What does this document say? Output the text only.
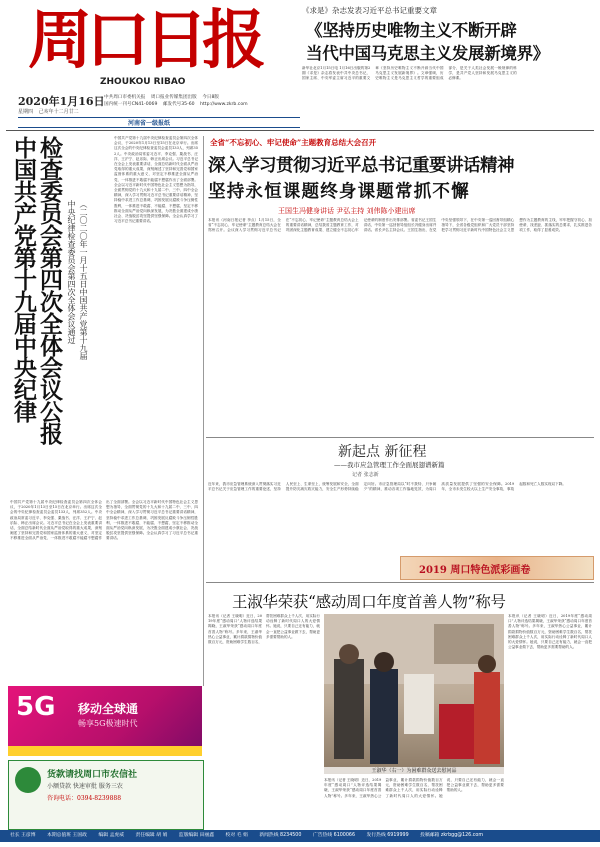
周口日报
ZHOUKOU RIBAO
2020年1月16日
星期四 己亥年十二月廿二
中共周口市委机关报 周口报业传媒集团出版 今日8版
国内统一刊号CN41-0069 邮发代号35-60 http://www.zkrb.com
河南省一级报纸
《求是》杂志发表习近平总书记重要文章
《坚持历史唯物主义不断开辟
当代中国马克思主义发展新境界》
新华社北京1月15日电 1月16日出版的第2期《求是》杂志将发表中共中央总书记、国家主席、中央军委主席习近平的重要文章《坚持历史唯物主义不断开辟当代中国马克思主义发展新境界》。文章强调，历史唯物主义是马克思主义哲学的重要组成部分，是关于人类社会发展一般规律的科学，是共产党人坚持和发展马克思主义的必修课。
中国共产党第十九届中央纪律 检查委员会第四次全体会议公报 中央纪律检查委员会第四次全体会议通过 （二〇二〇年一月十五日中国共产党第十九届
中国共产党第十九届中央纪律检查委员会第四次全体会议，于2020年1月13日至15日在北京举行。出席这次全会的中央纪律检查委员会委员133人，列席352人。中央政治局常委习近平、李克强、栗战书、汪洋、王沪宁、赵乐际、韩正出席会议。习近平总书记在全会上发表重要讲话，全面总结新时代全面从严治党取得的重大成果，深刻阐述了坚持和完善党和国家监督体系的重大意义，对坚定不移推进全面从严治党、一体推进不敢腐不能腐不想腐作出了全面部署。全会以习近平新时代中国特色社会主义思想为指导，全面贯彻党的十九大和十九届二中、三中、四中全会精神，深入学习贯彻习近平总书记重要讲话精神，坚持稳中求进工作总基调，巩固发展反腐败斗争压倒性胜利，一体推进不敢腐、不能腐、不想腐，坚定不移推动全面从严治党向纵深发展，为决胜全面建成小康社会、决战脱贫攻坚提供坚强保障。全会认真学习了习近平总书记重要讲话。
中国共产党第十九届中央纪律检查委员会第四次全体会议，于2020年1月13日至15日在北京举行。出席这次全会的中央纪律检查委员会委员133人，列席352人。中央政治局常委习近平、李克强、栗战书、汪洋、王沪宁、赵乐际、韩正出席会议。习近平总书记在全会上发表重要讲话，全面总结新时代全面从严治党取得的重大成果，深刻阐述了坚持和完善党和国家监督体系的重大意义，对坚定不移推进全面从严治党、一体推进不敢腐不能腐不想腐作出了全面部署。全会以习近平新时代中国特色社会主义思想为指导，全面贯彻党的十九大和十九届二中、三中、四中全会精神，深入学习贯彻习近平总书记重要讲话精神，坚持稳中求进工作总基调，巩固发展反腐败斗争压倒性胜利，一体推进不敢腐、不能腐、不想腐，坚定不移推动全面从严治党向纵深发展，为决胜全面建成小康社会、决战脱贫攻坚提供坚强保障。全会认真学习了习近平总书记重要讲话。
全省“不忘初心、牢记使命”主题教育总结大会召开
深入学习贯彻习近平总书记重要讲话精神
坚持永恒课题终身课题常抓不懈
王国生冯健身讲话 尹弘主持 刘伟陈小建出席
本报讯（河南日报记者 李点）1月15日，全省“不忘初心、牢记使命”主题教育总结大会在郑州召开。会议深入学习贯彻习近平总书记在“不忘初心、牢记使命”主题教育总结大会上的重要讲话精神，总结我省主题教育工作，对巩固深化主题教育成果、建立健全不忘初心牢记使命的制度作出安排部署。省委书记王国生讲话，中央第一巡回督导组组长冯健身出席并讲话。省长尹弘主持会议。王国生指出，在党中央坚强领导下，在中央第一巡回督导组精心指导下，全省各级党组织和广大党员干部坚持把学习贯彻习近平新时代中国特色社会主义思想作为主题教育的主线，牢牢把握守初心、担使命，找差距、抓落实的总要求，扎实推进各项工作，取得了显著成效。
新起点 新征程
——我市应急管理工作全面展翅谱新篇
记者 张志新
近年来，我市应急管理系统深入贯彻落实习近平总书记关于应急管理工作的重要论述，坚持人民至上、生命至上，统筹发展和安全，全面提升防灾减灾救灾能力，安全生产形势持续稳定向好。市应急管理局以“时不我待、只争朝夕”的精神，推动各项工作落地见效，为周口高质量发展提供了坚强的安全保障。2019年，全市未发生较大以上生产安全事故，事故起数和死亡人数实现双下降。
2019 周口特色派彩画卷
王淑华荣获“感动周口年度首善人物”称号
本报讯（记者 王晓明）近日，2019年度“感动周口”人物评选结果揭晓，王淑华荣获“感动周口年度首善人物”称号。多年来，王淑华热心公益事业，累计捐款捐物价值数百万元，资助困难学生数百名，帮扶困难群众上千人次，用实际行动诠释了新时代周口人的大爱情怀。她说，只要自己还有能力，就会一直把公益事业做下去，帮助更多需要帮助的人。
王淑华（右一）为困难群众送去慰问品
本报讯（记者 王晓明）近日，2019年度“感动周口”人物评选结果揭晓，王淑华荣获“感动周口年度首善人物”称号。多年来，王淑华热心公益事业，累计捐款捐物价值数百万元，资助困难学生数百名，帮扶困难群众上千人次，用实际行动诠释了新时代周口人的大爱情怀。她说，只要自己还有能力，就会一直把公益事业做下去，帮助更多需要帮助的人。
本报讯（记者 王晓明）近日，2019年度“感动周口”人物评选结果揭晓，王淑华荣获“感动周口年度首善人物”称号。多年来，王淑华热心公益事业，累计捐款捐物价值数百万元，资助困难学生数百名，帮扶困难群众上千人次，用实际行动诠释了新时代周口人的大爱情怀。她说，只要自己还有能力，就会一直把公益事业做下去，帮助更多需要帮助的人。
5G 移动全球通
畅享5G极速时代
货款请找周口市农信社
小额贷款 快速审批 服务三农
咨询电话：0394-8239888
社长 王彦博 本期总值班 王国政 编辑 孟虎威 责任编辑 胡 娟 监版编辑 田丽鑫 校对 毛 娟 新闻热线 8234500 广告热线 6100066 发行热线 6919999 投稿邮箱 zkrbgg@126.com
